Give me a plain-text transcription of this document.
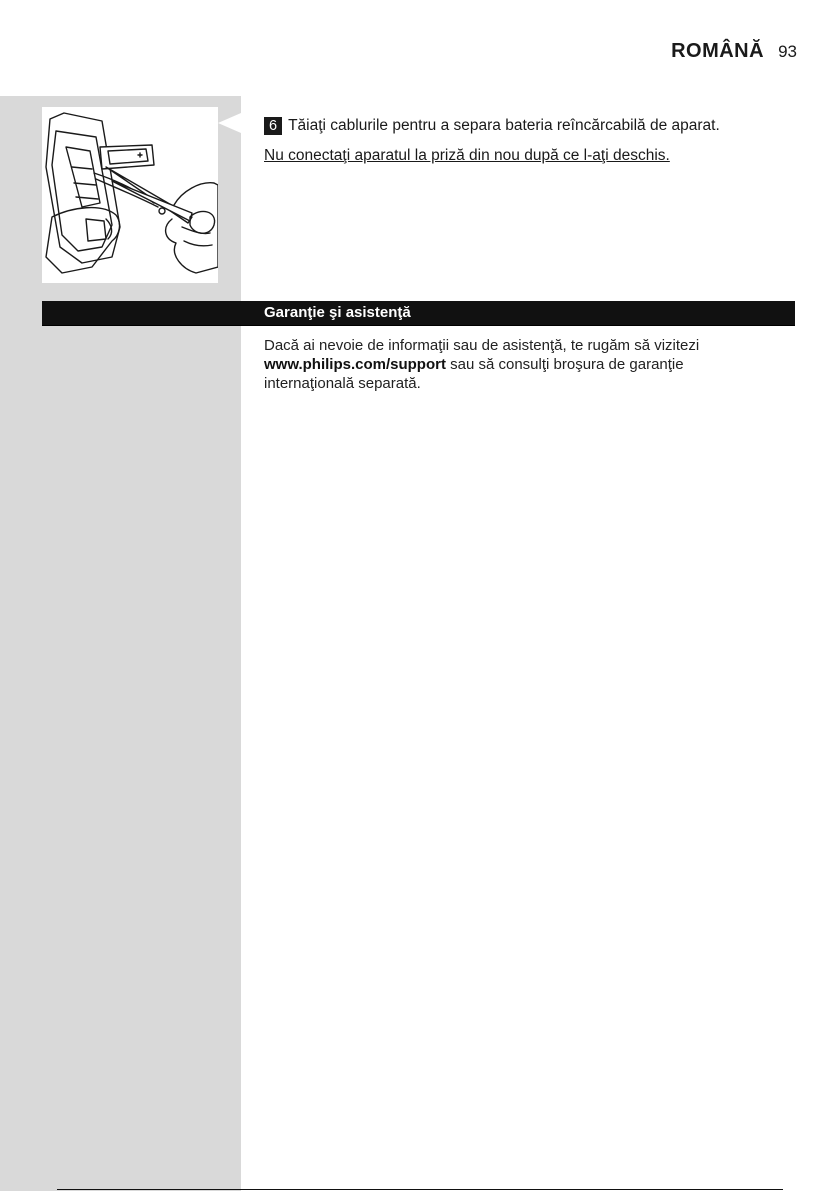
ROMÂNĂ 93
6 Tăiaţi cablurile pentru a separa bateria reîncărcabilă de aparat.
Nu conectaţi aparatul la priză din nou după ce l-aţi deschis.
Garanţie şi asistenţă
Dacă ai nevoie de informaţii sau de asistenţă, te rugăm să vizitezi www.philips.com/support sau să consulţi broşura de garanţie internaţională separată.
